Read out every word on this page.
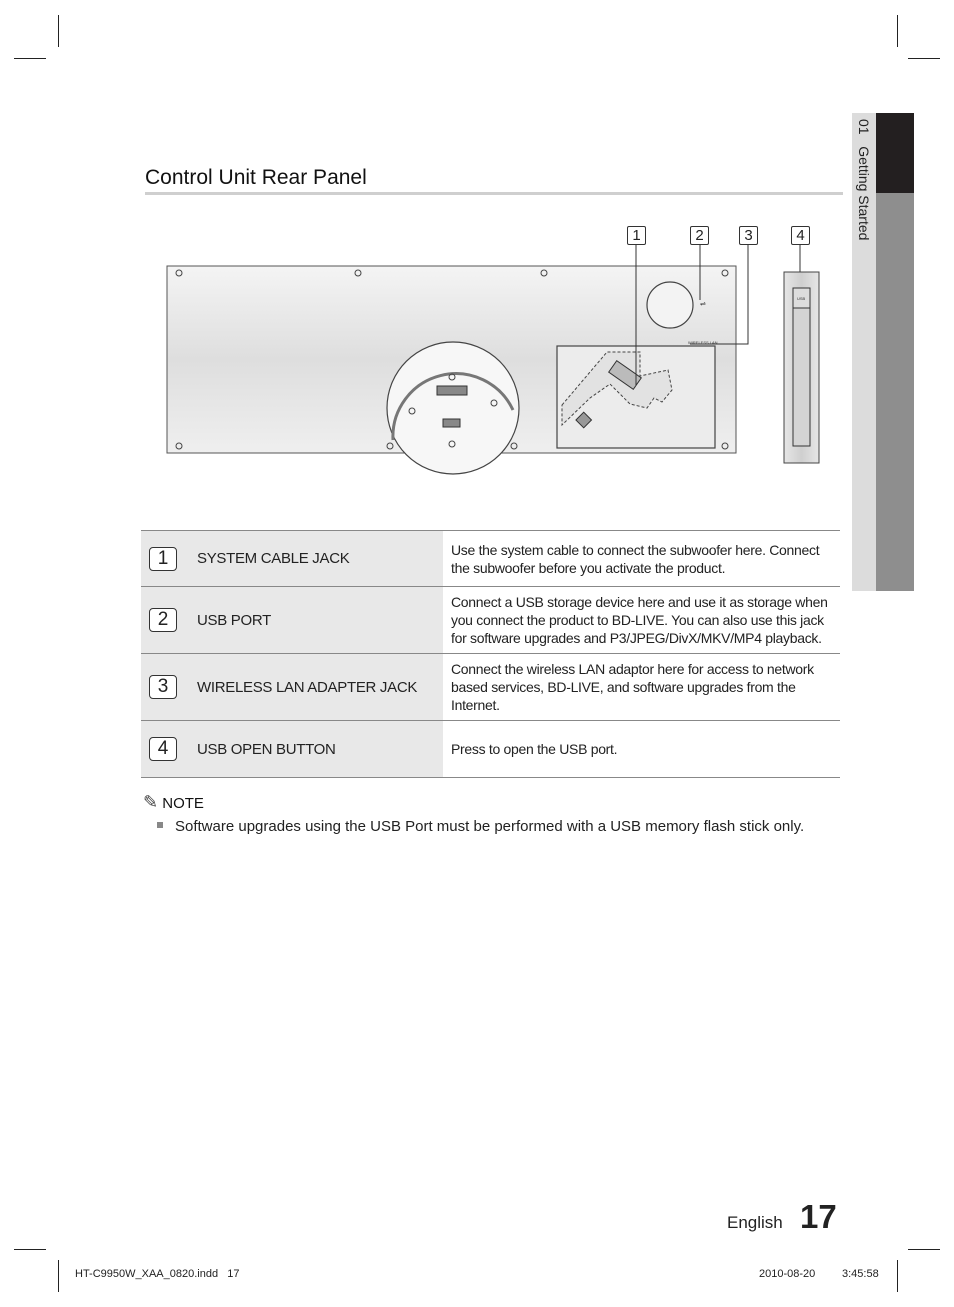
01   Getting Started
Control Unit Rear Panel
⇌
WIRELESS LAN
USB
1	2	3	4
1	SYSTEM CABLE JACK	Use the system cable to connect the subwoofer here. Connect the subwoofer before you activate the product.
2	USB PORT	Connect a USB storage device here and use it as storage when you connect the product to BD-LIVE. You can also use this jack for software upgrades and P3/JPEG/DivX/MKV/MP4 playback.
3	WIRELESS LAN ADAPTER JACK	Connect the wireless LAN adaptor here for access to network based services, BD-LIVE, and software upgrades from the Internet.
4	USB OPEN BUTTON	Press to open the USB port.
✎ NOTE
Software upgrades using the USB Port must be performed with a USB memory flash stick only.
English 17
HT-C9950W_XAA_0820.indd   17	2010-08-20 3:45:58
